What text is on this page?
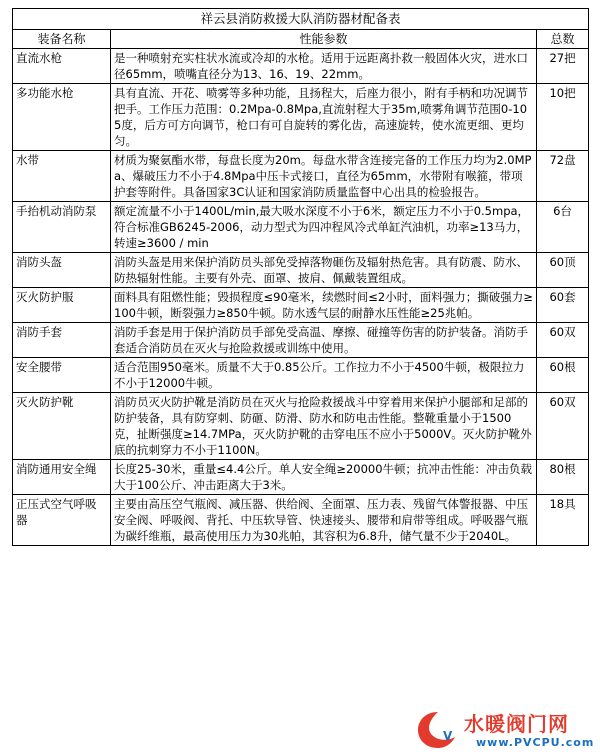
祥云县消防救援大队消防器材配备表		
装备名称	性能参数	总数
直流水枪	是一种喷射充实柱状水流或冷却的水枪。适用于远距离扑救一般固体火灾，进水口径65mm，喷嘴直径分为13、16、19、22mm。	27把
多功能水枪	具有直流、开花、喷雾等多种功能，且扬程大，后座力很小，附有手柄和功况调节把手。工作压力范围：0.2Mpa-0.8Mpa,直流射程大于35m,喷雾角调节范围0-105度，后方可方向调节，枪口有可自旋转的雾化齿，高速旋转，使水流更细、更均匀。	10把
水带	材质为聚氨酯水带，每盘长度为20m。每盘水带含连接完备的工作压力均为2.0MPa、爆破压力不小于4.8Mpa中压卡式接口，直径为65mm，水带附有喉箍，带项护套等附件。具备国家3C认证和国家消防质量监督中心出具的检验报告。	72盘
手抬机动消防泵	额定流量不小于1400L/min,最大吸水深度不小于6米，额定压力不小于0.5mpa，符合标准GB6245-2006，动力型式为四冲程风冷式单缸汽油机，功率≥13马力，转速≥3600 / min	6台
消防头盔	消防头盔是用来保护消防员头部免受掉落物砸伤及辐射热危害。具有防震、防水、防热辐射性能。主要有外壳、面罩、披肩、佩戴装置组成。	60顶
灭火防护服	面料具有阻燃性能；毁损程度≤90毫米，续燃时间≤2小时，面料强力；撕破强力≥100牛顿，断裂强力≥850牛顿。防水透气层的耐静水压性能≥25兆帕。	60套
消防手套	消防手套是用于保护消防员手部免受高温、摩擦、碰撞等伤害的防护装备。消防手套适合消防员在灭火与抢险救援或训练中使用。	60双
安全腰带	适合范围950毫米。质量不大于0.85公斤。工作拉力不小于4500牛顿，极限拉力不小于12000牛顿。	60根
灭火防护靴	消防员灭火防护靴是消防员在灭火与抢险救援战斗中穿着用来保护小腿部和足部的防护装备，具有防穿刺、防砸、防滑、防水和防电击性能。整靴重量小于1500克，扯断强度≥14.7MPa，灭火防护靴的击穿电压不应小于5000V。灭火防护靴外底的抗刺穿力不小于1100N。	60双
消防通用安全绳	长度25-30米，重量≤4.4公斤。单人安全绳≥20000牛顿；抗冲击性能：冲击负载大于100公斤、冲击距离大于3米。	80根
正压式空气呼吸器	主要由高压空气瓶阀、减压器、供给阀、全面罩、压力表、残留气体警报器、中压安全阀、呼吸阀、背托、中压软导管、快速接头、腰带和肩带等组成。呼吸器气瓶为碳纤维瓶，最高使用压力为30兆帕，其容积为6.8升，储气量不少于2040L。	18具
P
V 水暖阀门网
www.PVCPU.com
